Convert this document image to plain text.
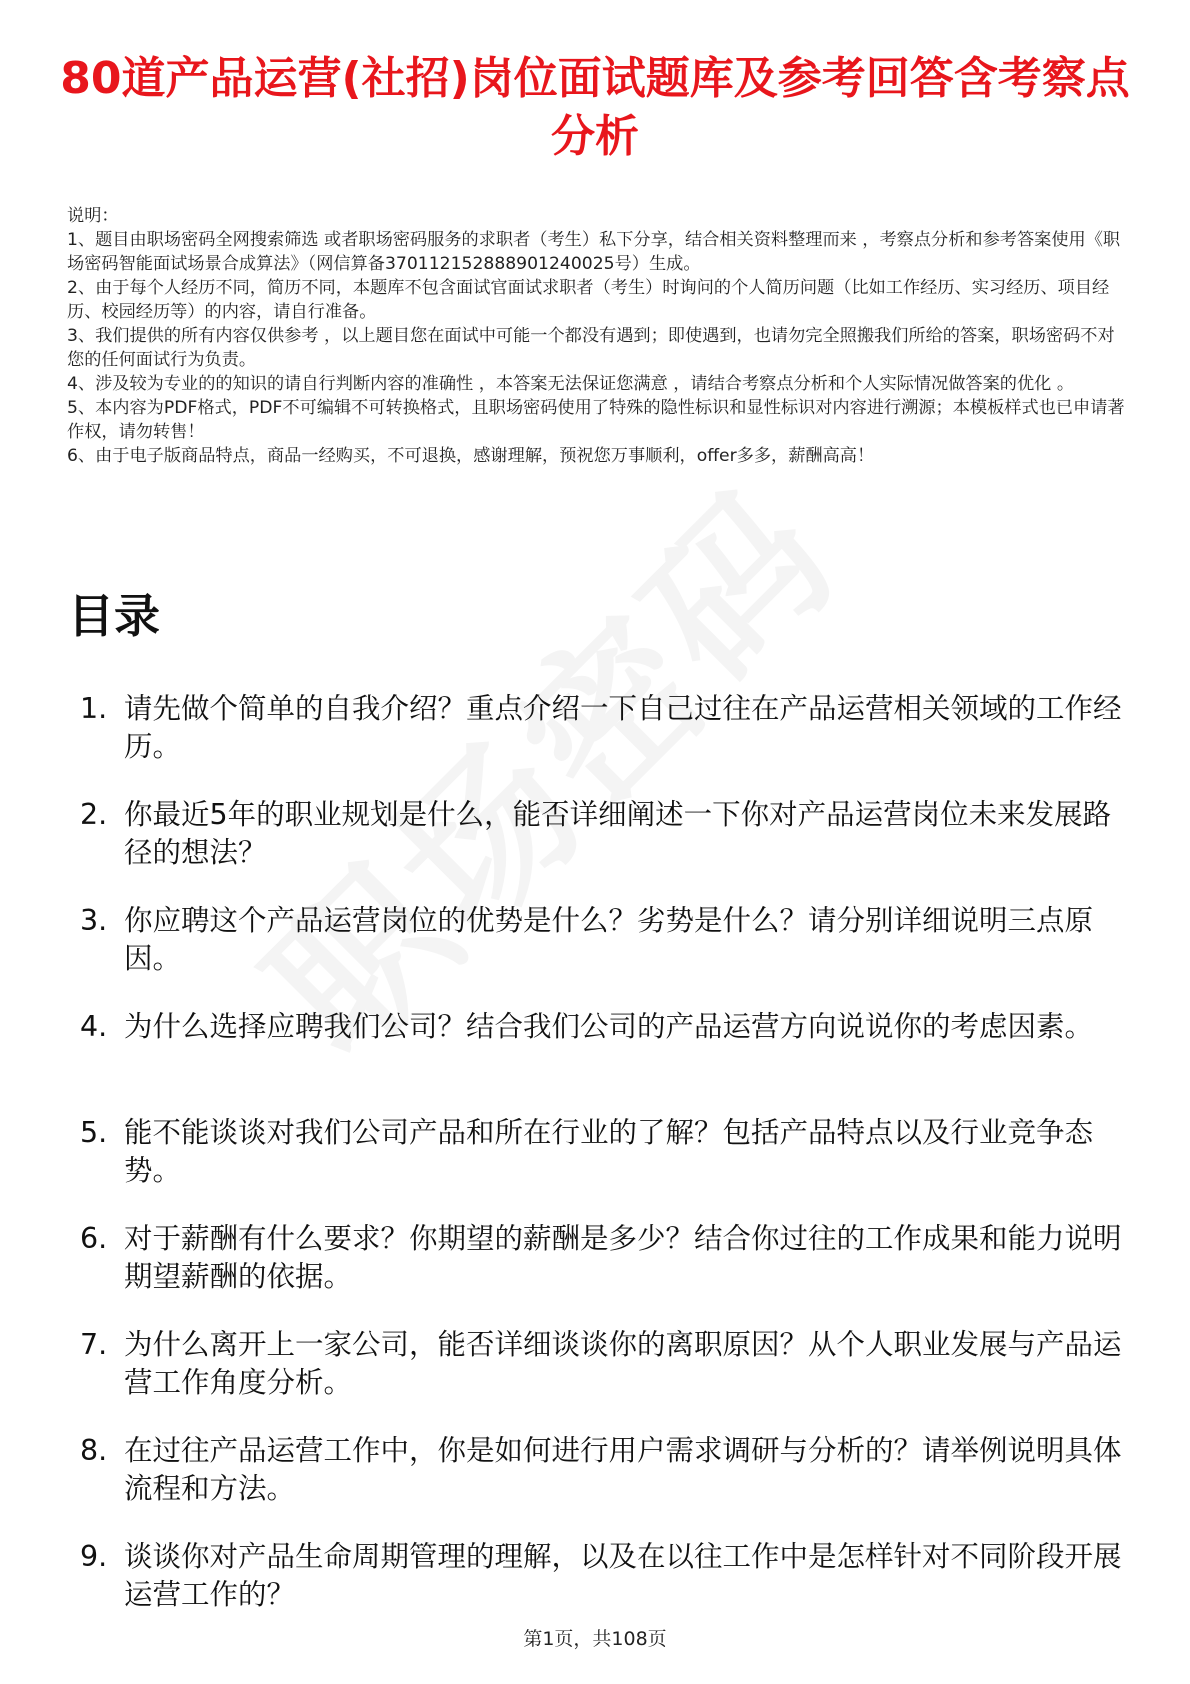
80道产品运营(社招)岗位面试题库及参考回答含考察点分析

说明：

1、题目由职场密码全网搜索筛选 或者职场密码服务的求职者（考生）私下分享，结合相关资料整理而来 ，考察点分析和参考答案使用《职场密码智能面试场景合成算法》（网信算备370112152888901240025号）生成。

2、由于每个人经历不同，简历不同，本题库不包含面试官面试求职者（考生）时询问的个人简历问题（比如工作经历、实习经历、项目经历、校园经历等）的内容，请自行准备。

3、我们提供的所有内容仅供参考 ，以上题目您在面试中可能一个都没有遇到；即使遇到，也请勿完全照搬我们所给的答案，职场密码不对您的任何面试行为负责。

4、涉及较为专业的的知识的请自行判断内容的准确性 ，本答案无法保证您满意 ，请结合考察点分析和个人实际情况做答案的优化 。

5、本内容为PDF格式，PDF不可编辑不可转换格式，且职场密码使用了特殊的隐性标识和显性标识对内容进行溯源；本模板样式也已申请著作权，请勿转售！

6、由于电子版商品特点，商品一经购买，不可退换，感谢理解，预祝您万事顺利，offer多多，薪酬高高！

目录
1. 请先做个简单的自我介绍？重点介绍一下自己过往在产品运营相关领域的工作经历。
2. 你最近5年的职业规划是什么，能否详细阐述一下你对产品运营岗位未来发展路径的想法？
3. 你应聘这个产品运营岗位的优势是什么？劣势是什么？请分别详细说明三点原因。
4. 为什么选择应聘我们公司？结合我们公司的产品运营方向说说你的考虑因素。
5. 能不能谈谈对我们公司产品和所在行业的了解？包括产品特点以及行业竞争态势。
6. 对于薪酬有什么要求？你期望的薪酬是多少？结合你过往的工作成果和能力说明期望薪酬的依据。
7. 为什么离开上一家公司，能否详细谈谈你的离职原因？从个人职业发展与产品运营工作角度分析。
8. 在过往产品运营工作中，你是如何进行用户需求调研与分析的？请举例说明具体流程和方法。
9. 谈谈你对产品生命周期管理的理解，以及在以往工作中是怎样针对不同阶段开展运营工作的？
第1页，共108页
